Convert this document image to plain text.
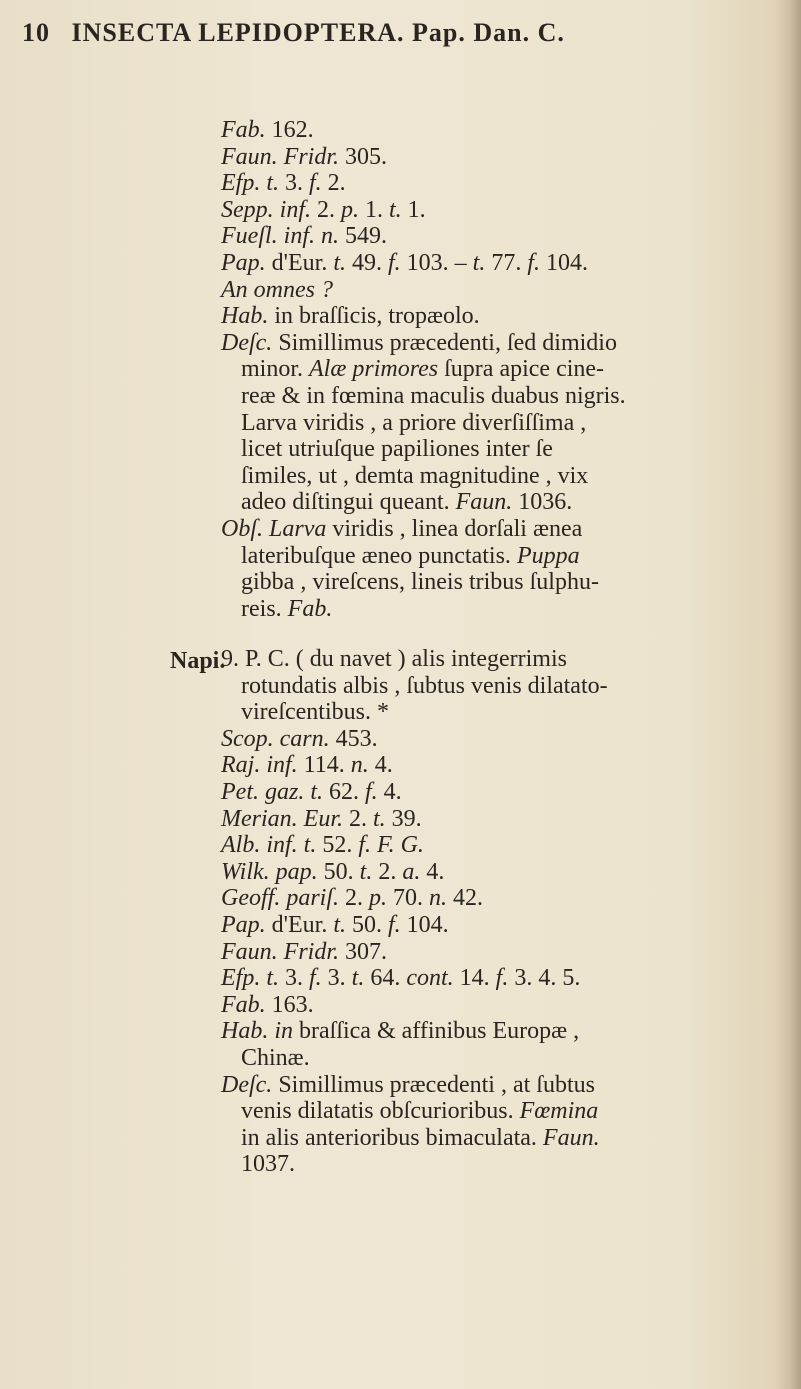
10 INSECTA LEPIDOPTERA. Pap. Dan. C.
Fab. 162.
Faun. Fridr. 305.
Efp. t. 3. f. 2.
Sepp. inf. 2. p. 1. t. 1.
Fueſl. inf. n. 549.
Pap. d'Eur. t. 49. f. 103. – t. 77. f. 104.
An omnes ?
Hab. in braſſicis, tropæolo.
Deſc. Simillimus præcedenti, ſed dimidio
minor. Alæ primores ſupra apice cine-
reæ & in fœmina maculis duabus nigris.
Larva viridis , a priore diverſiſſima ,
licet utriuſque papiliones inter ſe
ſimiles, ut , demta magnitudine , vix
adeo diſtingui queant. Faun. 1036.
Obſ. Larva viridis , linea dorſali ænea
lateribuſque æneo punctatis. Puppa
gibba , vireſcens, lineis tribus ſulphu-
reis. Fab.
Napi.
9. P. C. ( du navet ) alis integerrimis
rotundatis albis , ſubtus venis dilatato-
vireſcentibus. *
Scop. carn. 453.
Raj. inf. 114. n. 4.
Pet. gaz. t. 62. f. 4.
Merian. Eur. 2. t. 39.
Alb. inf. t. 52. f. F. G.
Wilk. pap. 50. t. 2. a. 4.
Geoff. pariſ. 2. p. 70. n. 42.
Pap. d'Eur. t. 50. f. 104.
Faun. Fridr. 307.
Efp. t. 3. f. 3. t. 64. cont. 14. f. 3. 4. 5.
Fab. 163.
Hab. in braſſica & affinibus Europæ ,
Chinæ.
Deſc. Simillimus præcedenti , at ſubtus
venis dilatatis obſcurioribus. Fœmina
in alis anterioribus bimaculata. Faun.
1037.
